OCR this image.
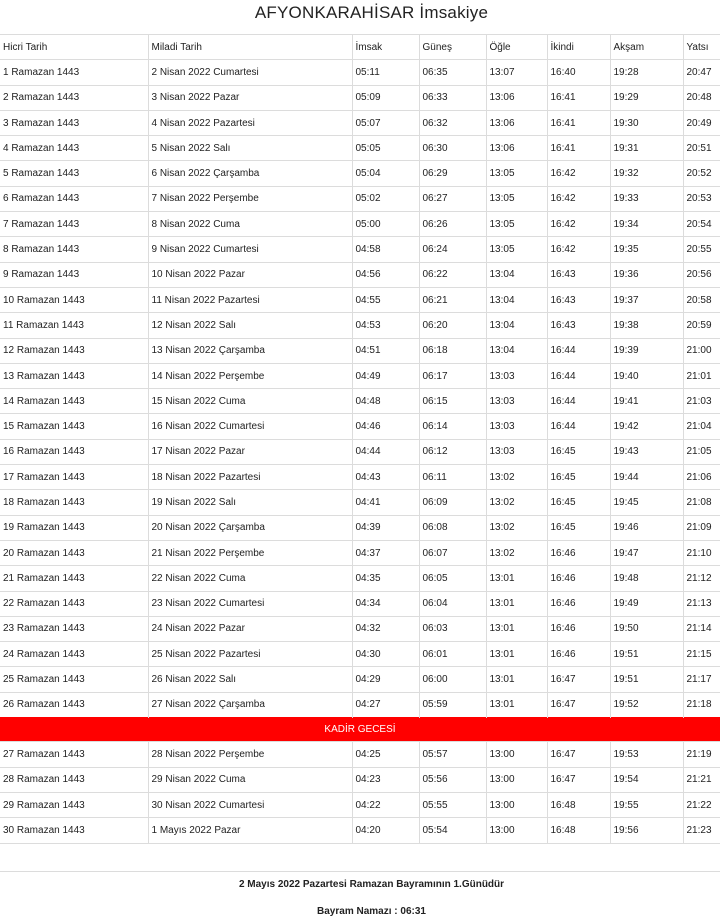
AFYONKARAHİSAR İmsakiye
Hicri Tarih	Miladi Tarih	İmsak	Güneş	Öğle	İkindi	Akşam	Yatsı
1 Ramazan 1443	2 Nisan 2022 Cumartesi	05:11	06:35	13:07	16:40	19:28	20:47
2 Ramazan 1443	3 Nisan 2022 Pazar	05:09	06:33	13:06	16:41	19:29	20:48
3 Ramazan 1443	4 Nisan 2022 Pazartesi	05:07	06:32	13:06	16:41	19:30	20:49
4 Ramazan 1443	5 Nisan 2022 Salı	05:05	06:30	13:06	16:41	19:31	20:51
5 Ramazan 1443	6 Nisan 2022 Çarşamba	05:04	06:29	13:05	16:42	19:32	20:52
6 Ramazan 1443	7 Nisan 2022 Perşembe	05:02	06:27	13:05	16:42	19:33	20:53
7 Ramazan 1443	8 Nisan 2022 Cuma	05:00	06:26	13:05	16:42	19:34	20:54
8 Ramazan 1443	9 Nisan 2022 Cumartesi	04:58	06:24	13:05	16:42	19:35	20:55
9 Ramazan 1443	10 Nisan 2022 Pazar	04:56	06:22	13:04	16:43	19:36	20:56
10 Ramazan 1443	11 Nisan 2022 Pazartesi	04:55	06:21	13:04	16:43	19:37	20:58
11 Ramazan 1443	12 Nisan 2022 Salı	04:53	06:20	13:04	16:43	19:38	20:59
12 Ramazan 1443	13 Nisan 2022 Çarşamba	04:51	06:18	13:04	16:44	19:39	21:00
13 Ramazan 1443	14 Nisan 2022 Perşembe	04:49	06:17	13:03	16:44	19:40	21:01
14 Ramazan 1443	15 Nisan 2022 Cuma	04:48	06:15	13:03	16:44	19:41	21:03
15 Ramazan 1443	16 Nisan 2022 Cumartesi	04:46	06:14	13:03	16:44	19:42	21:04
16 Ramazan 1443	17 Nisan 2022 Pazar	04:44	06:12	13:03	16:45	19:43	21:05
17 Ramazan 1443	18 Nisan 2022 Pazartesi	04:43	06:11	13:02	16:45	19:44	21:06
18 Ramazan 1443	19 Nisan 2022 Salı	04:41	06:09	13:02	16:45	19:45	21:08
19 Ramazan 1443	20 Nisan 2022 Çarşamba	04:39	06:08	13:02	16:45	19:46	21:09
20 Ramazan 1443	21 Nisan 2022 Perşembe	04:37	06:07	13:02	16:46	19:47	21:10
21 Ramazan 1443	22 Nisan 2022 Cuma	04:35	06:05	13:01	16:46	19:48	21:12
22 Ramazan 1443	23 Nisan 2022 Cumartesi	04:34	06:04	13:01	16:46	19:49	21:13
23 Ramazan 1443	24 Nisan 2022 Pazar	04:32	06:03	13:01	16:46	19:50	21:14
24 Ramazan 1443	25 Nisan 2022 Pazartesi	04:30	06:01	13:01	16:46	19:51	21:15
25 Ramazan 1443	26 Nisan 2022 Salı	04:29	06:00	13:01	16:47	19:51	21:17
26 Ramazan 1443	27 Nisan 2022 Çarşamba	04:27	05:59	13:01	16:47	19:52	21:18
KADİR GECESİ							
27 Ramazan 1443	28 Nisan 2022 Perşembe	04:25	05:57	13:00	16:47	19:53	21:19
28 Ramazan 1443	29 Nisan 2022 Cuma	04:23	05:56	13:00	16:47	19:54	21:21
29 Ramazan 1443	30 Nisan 2022 Cumartesi	04:22	05:55	13:00	16:48	19:55	21:22
30 Ramazan 1443	1 Mayıs 2022 Pazar	04:20	05:54	13:00	16:48	19:56	21:23
2 Mayıs 2022 Pazartesi Ramazan Bayramının 1.Günüdür
Bayram Namazı : 06:31
